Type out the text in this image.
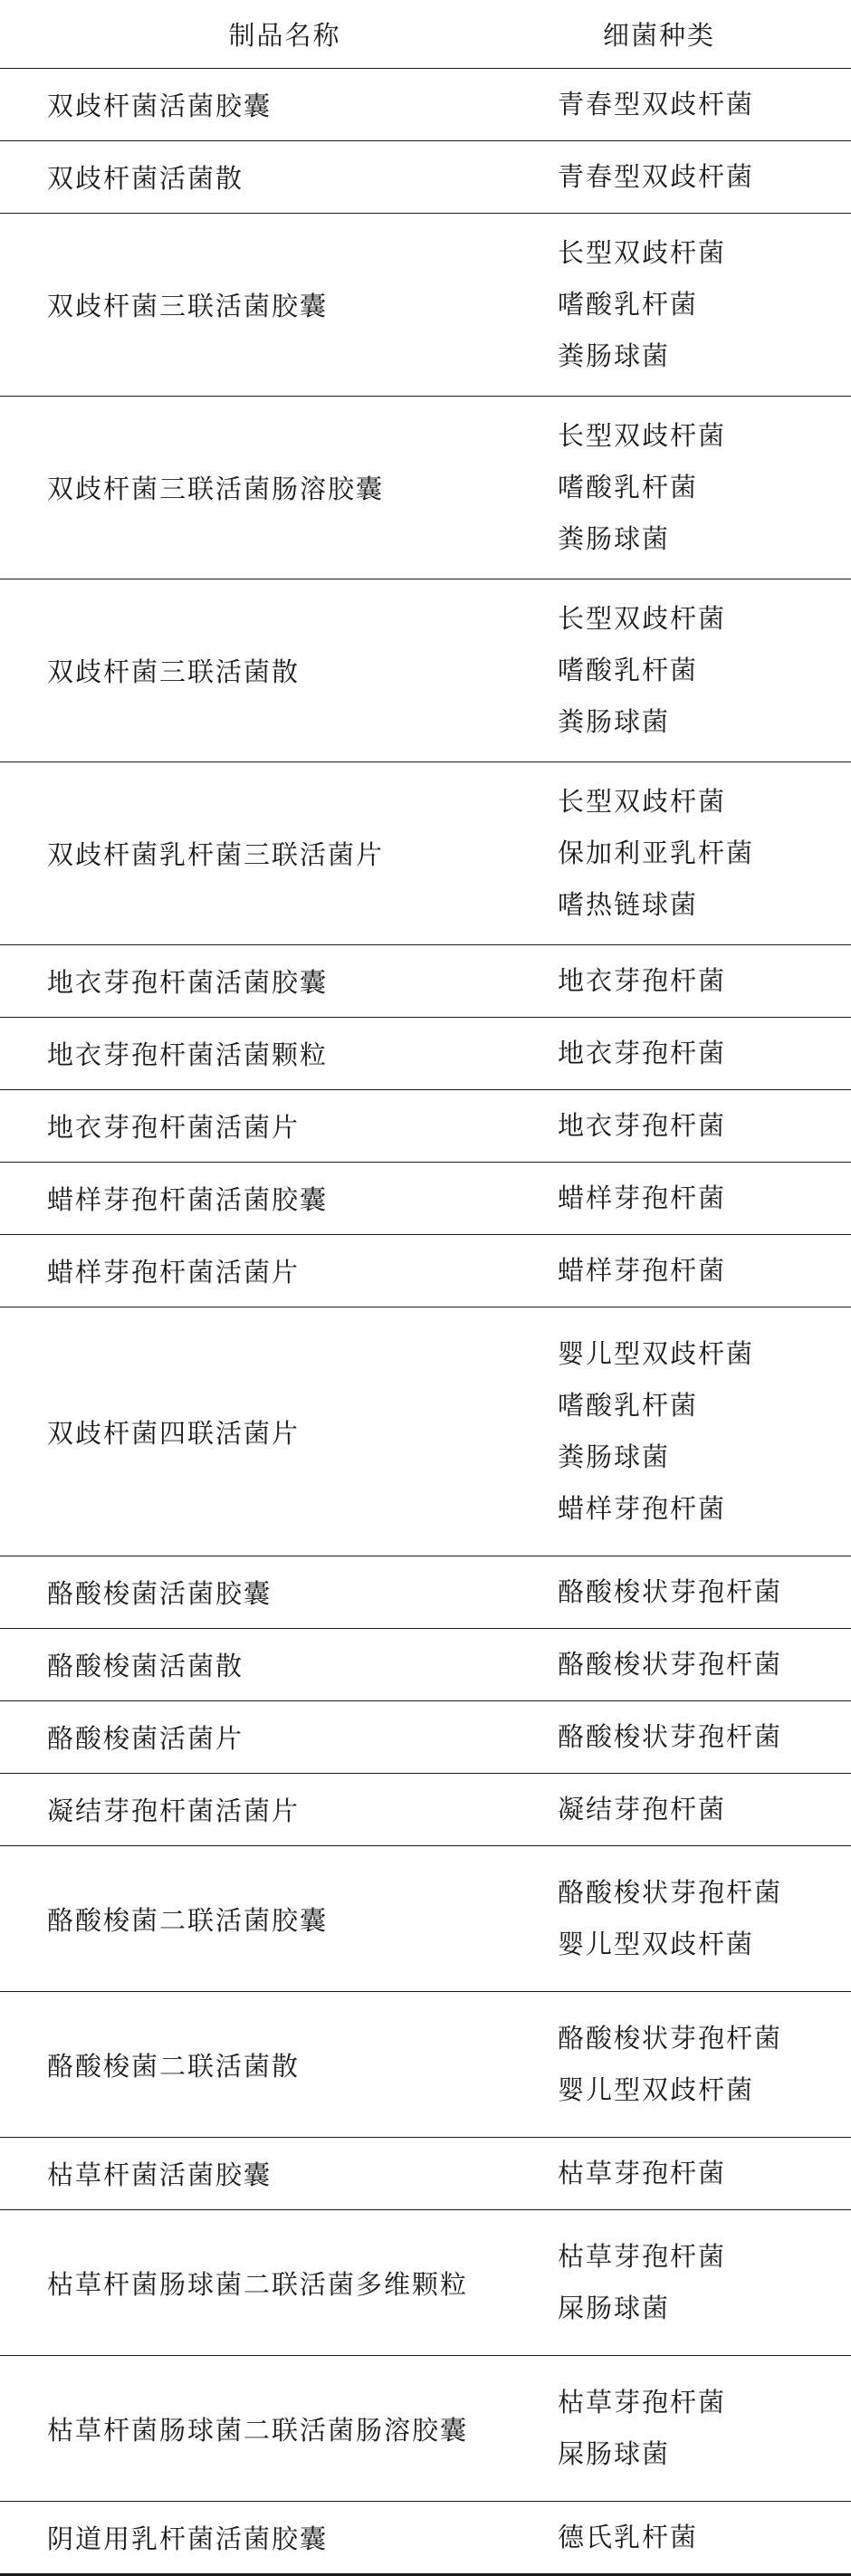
制品名称	细菌种类
双歧杆菌活菌胶囊	青春型双歧杆菌

双歧杆菌活菌散	青春型双歧杆菌

双歧杆菌三联活菌胶囊	长型双歧杆菌
嗜酸乳杆菌
粪肠球菌

双歧杆菌三联活菌肠溶胶囊	长型双歧杆菌
嗜酸乳杆菌
粪肠球菌

双歧杆菌三联活菌散	长型双歧杆菌
嗜酸乳杆菌
粪肠球菌

双歧杆菌乳杆菌三联活菌片	长型双歧杆菌
保加利亚乳杆菌
嗜热链球菌

地衣芽孢杆菌活菌胶囊	地衣芽孢杆菌

地衣芽孢杆菌活菌颗粒	地衣芽孢杆菌

地衣芽孢杆菌活菌片	地衣芽孢杆菌

蜡样芽孢杆菌活菌胶囊	蜡样芽孢杆菌

蜡样芽孢杆菌活菌片	蜡样芽孢杆菌

双歧杆菌四联活菌片	婴儿型双歧杆菌
嗜酸乳杆菌
粪肠球菌
蜡样芽孢杆菌

酪酸梭菌活菌胶囊	酪酸梭状芽孢杆菌

酪酸梭菌活菌散	酪酸梭状芽孢杆菌

酪酸梭菌活菌片	酪酸梭状芽孢杆菌

凝结芽孢杆菌活菌片	凝结芽孢杆菌

酪酸梭菌二联活菌胶囊	酪酸梭状芽孢杆菌
婴儿型双歧杆菌

酪酸梭菌二联活菌散	酪酸梭状芽孢杆菌
婴儿型双歧杆菌

枯草杆菌活菌胶囊	枯草芽孢杆菌

枯草杆菌肠球菌二联活菌多维颗粒	枯草芽孢杆菌
屎肠球菌

枯草杆菌肠球菌二联活菌肠溶胶囊	枯草芽孢杆菌
屎肠球菌

阴道用乳杆菌活菌胶囊	德氏乳杆菌
